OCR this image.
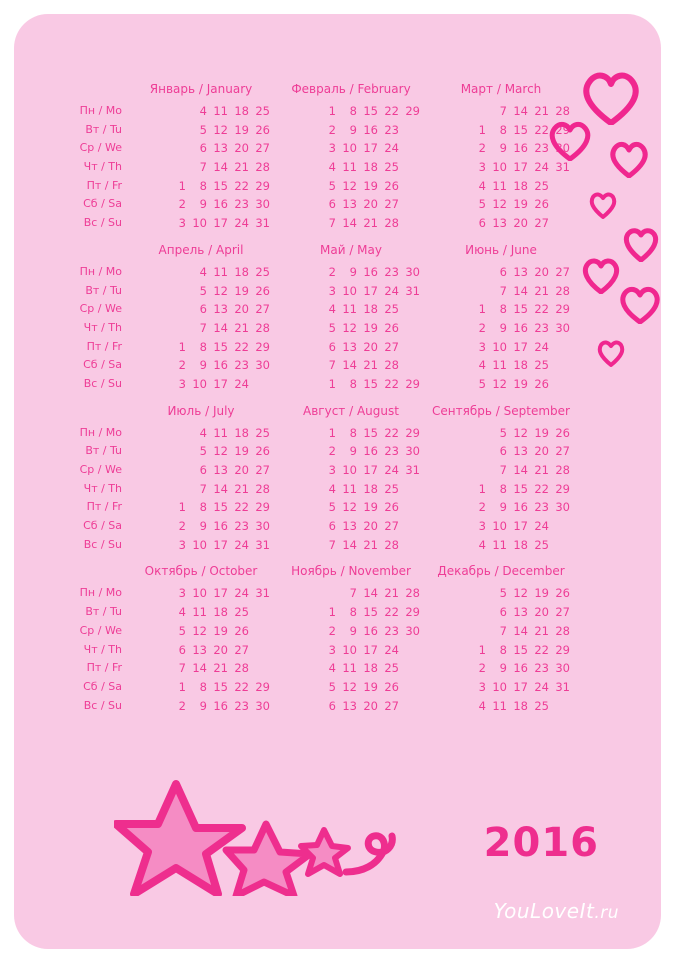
Пн / Mo
Вт / Tu
Ср / We
Чт / Th
Пт / Fr
Сб / Sa
Вс / Su
Январь / January
4 11 18 25
5 12 19 26
6 13 20 27
7 14 21 28
1 8 15 22 29
2 9 16 23 30
3 10 17 24 31
Февраль / February
1 8 15 22 29
2 9 16 23
3 10 17 24
4 11 18 25
5 12 19 26
6 13 20 27
7 14 21 28
Март / March
7 14 21 28
1 8 15 22 29
2 9 16 23 30
3 10 17 24 31
4 11 18 25
5 12 19 26
6 13 20 27
Пн / Mo
Вт / Tu
Ср / We
Чт / Th
Пт / Fr
Сб / Sa
Вс / Su
Апрель / April
4 11 18 25
5 12 19 26
6 13 20 27
7 14 21 28
1 8 15 22 29
2 9 16 23 30
3 10 17 24
Май / May
2 9 16 23 30
3 10 17 24 31
4 11 18 25
5 12 19 26
6 13 20 27
7 14 21 28
1 8 15 22 29
Июнь / June
6 13 20 27
7 14 21 28
1 8 15 22 29
2 9 16 23 30
3 10 17 24
4 11 18 25
5 12 19 26
Пн / Mo
Вт / Tu
Ср / We
Чт / Th
Пт / Fr
Сб / Sa
Вс / Su
Июль / July
4 11 18 25
5 12 19 26
6 13 20 27
7 14 21 28
1 8 15 22 29
2 9 16 23 30
3 10 17 24 31
Август / August
1 8 15 22 29
2 9 16 23 30
3 10 17 24 31
4 11 18 25
5 12 19 26
6 13 20 27
7 14 21 28
Сентябрь / September
5 12 19 26
6 13 20 27
7 14 21 28
1 8 15 22 29
2 9 16 23 30
3 10 17 24
4 11 18 25
Пн / Mo
Вт / Tu
Ср / We
Чт / Th
Пт / Fr
Сб / Sa
Вс / Su
Октябрь / October
3 10 17 24 31
4 11 18 25
5 12 19 26
6 13 20 27
7 14 21 28
1 8 15 22 29
2 9 16 23 30
Ноябрь / November
7 14 21 28
1 8 15 22 29
2 9 16 23 30
3 10 17 24
4 11 18 25
5 12 19 26
6 13 20 27
Декабрь / December
5 12 19 26
6 13 20 27
7 14 21 28
1 8 15 22 29
2 9 16 23 30
3 10 17 24 31
4 11 18 25
2016
YouLoveIt.ru
